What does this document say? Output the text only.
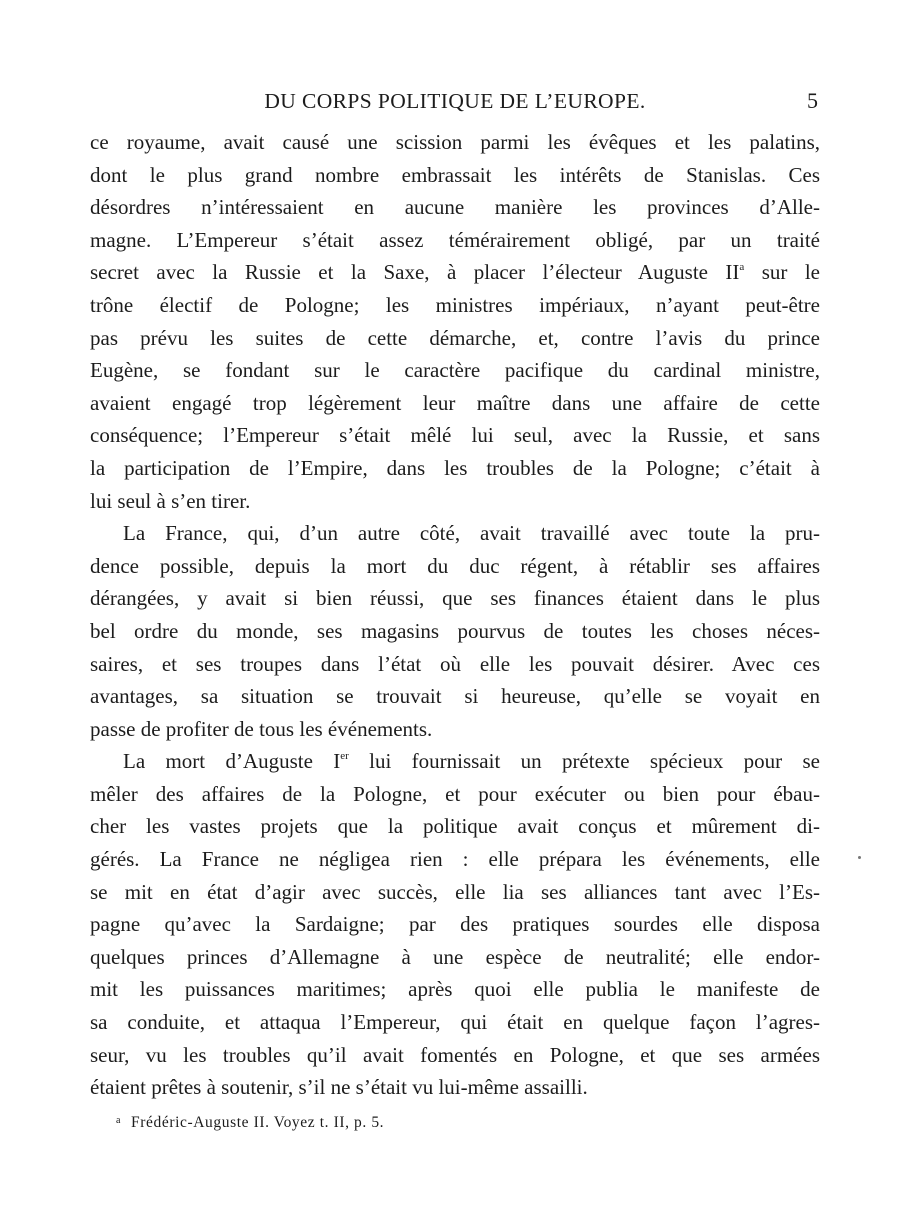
DU CORPS POLITIQUE DE L’EUROPE.	5

ce royaume, avait causé une scission parmi les évêques et les palatins,
dont le plus grand nombre embrassait les intérêts de Stanislas. Ces
désordres n’intéressaient en aucune manière les provinces d’Alle-
magne. L’Empereur s’était assez témérairement obligé, par un traité
secret avec la Russie et la Saxe, à placer l’électeur Auguste $II^a$ sur le
trône électif de Pologne; les ministres impériaux, n’ayant peut-être
pas prévu les suites de cette démarche, et, contre l’avis du prince
Eugène, se fondant sur le caractère pacifique du cardinal ministre,
avaient engagé trop légèrement leur maître dans une affaire de cette
conséquence; l’Empereur s’était mêlé lui seul, avec la Russie, et sans
la participation de l’Empire, dans les troubles de la Pologne; c’était à
lui seul à s’en tirer.

La France, qui, d’un autre côté, avait travaillé avec toute la pru-
dence possible, depuis la mort du duc régent, à rétablir ses affaires
dérangées, y avait si bien réussi, que ses finances étaient dans le plus
bel ordre du monde, ses magasins pourvus de toutes les choses néces-
saires, et ses troupes dans l’état où elle les pouvait désirer. Avec ces
avantages, sa situation se trouvait si heureuse, qu’elle se voyait en
passe de profiter de tous les événements.

La mort d’Auguste Ier lui fournissait un prétexte spécieux pour se
mêler des affaires de la Pologne, et pour exécuter ou bien pour ébau-
cher les vastes projets que la politique avait conçus et mûrement di-
gérés. La France ne négligea rien : elle prépara les événements, elle
se mit en état d’agir avec succès, elle lia ses alliances tant avec l’Es-
pagne qu’avec la Sardaigne; par des pratiques sourdes elle disposa
quelques princes d’Allemagne à une espèce de neutralité; elle endor-
mit les puissances maritimes; après quoi elle publia le manifeste de
sa conduite, et attaqua l’Empereur, qui était en quelque façon l’agres-
seur, vu les troubles qu’il avait fomentés en Pologne, et que ses armées
étaient prêtes à soutenir, s’il ne s’était vu lui-même assailli.

$^a$ Frédéric-Auguste II. Voyez t. II, p. 5.
